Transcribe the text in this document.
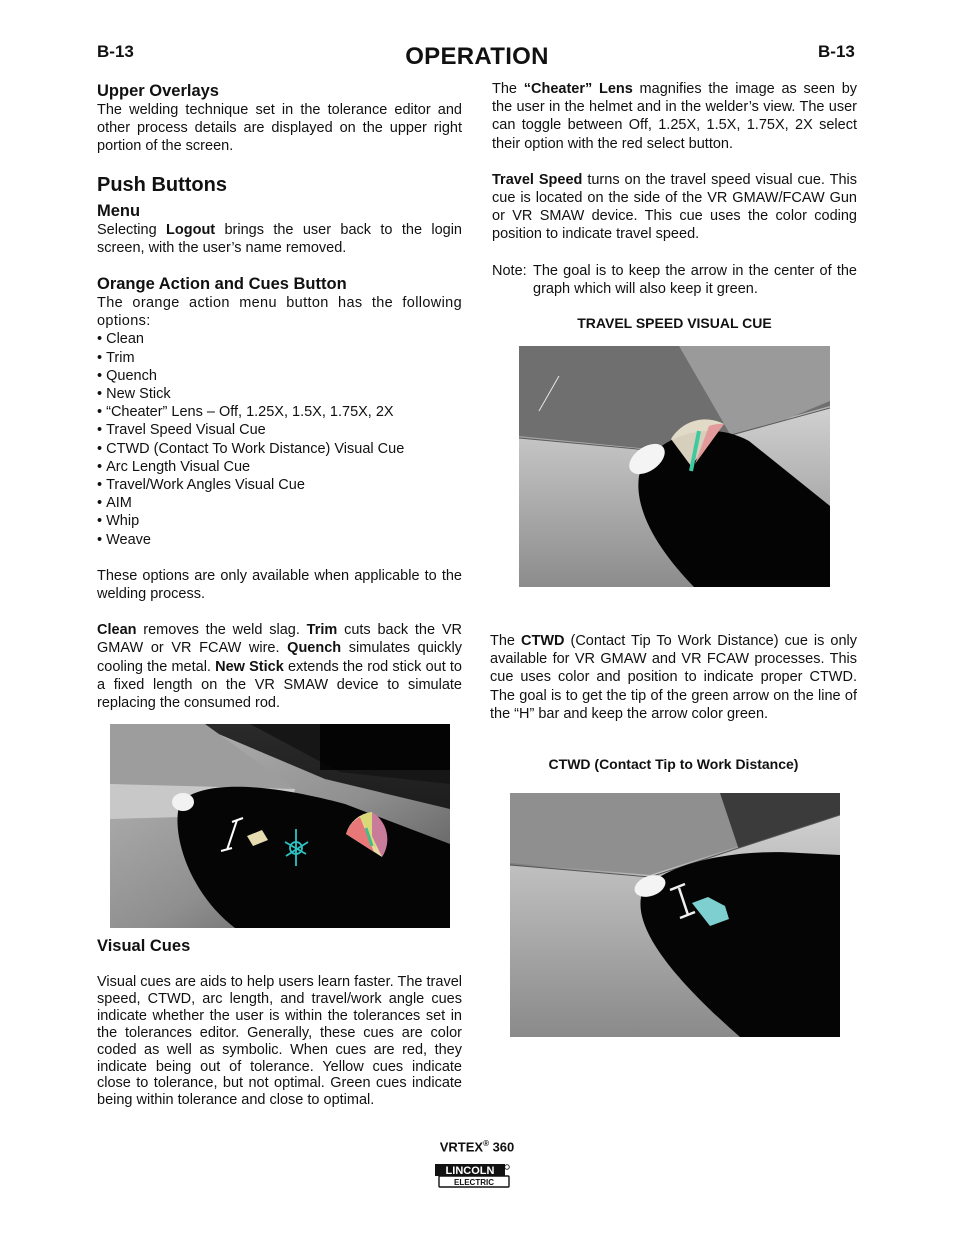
B-13	OPERATION	B-13
Upper Overlays

The welding technique set in the tolerance editor and other process details are displayed on the upper right portion of the screen.

Push Buttons
Menu

Selecting Logout brings the user back to the login screen, with the user’s name removed.

Orange Action and Cues Button

The orange action menu button has the following options:

• Clean
• Trim
• Quench
• New Stick
• “Cheater” Lens – Off, 1.25X, 1.5X, 1.75X, 2X
• Travel Speed Visual Cue
• CTWD (Contact To Work Distance) Visual Cue
• Arc Length Visual Cue
• Travel/Work Angles Visual Cue
• AIM
• Whip
• Weave

These options are only available when applicable to the welding process.

Clean removes the weld slag. Trim cuts back the VR GMAW or VR FCAW wire. Quench simulates quickly cooling the metal. New Stick extends the rod stick out to a fixed length on the VR SMAW device to simulate replacing the consumed rod.

Visual Cues

Visual cues are aids to help users learn faster. The travel speed, CTWD, arc length, and travel/work angle cues indicate whether the user is within the tolerances set in the tolerances editor. Generally, these cues are color coded as well as symbolic. When cues are red, they indicate being out of tolerance. Yellow cues indicate close to tolerance, but not optimal. Green cues indicate being within tolerance and close to optimal.

The “Cheater” Lens magnifies the image as seen by the user in the helmet and in the welder’s view. The user can toggle between Off, 1.25X, 1.5X, 1.75X, 2X select their option with the red select button.

Travel Speed turns on the travel speed visual cue. This cue is located on the side of the VR GMAW/FCAW Gun or VR SMAW device. This cue uses the color coding position to indicate travel speed.

Note: The goal is to keep the arrow in the center of the graph which will also keep it green.
TRAVEL SPEED VISUAL CUE

The CTWD (Contact Tip To Work Distance) cue is only available for VR GMAW and VR FCAW processes. This cue uses color and position to indicate proper CTWD. The goal is to get the tip of the green arrow on the line of the “H” bar and keep the arrow color green.

CTWD (Contact Tip to Work Distance)
VRTEX® 360
LINCOLN
ELECTRIC
